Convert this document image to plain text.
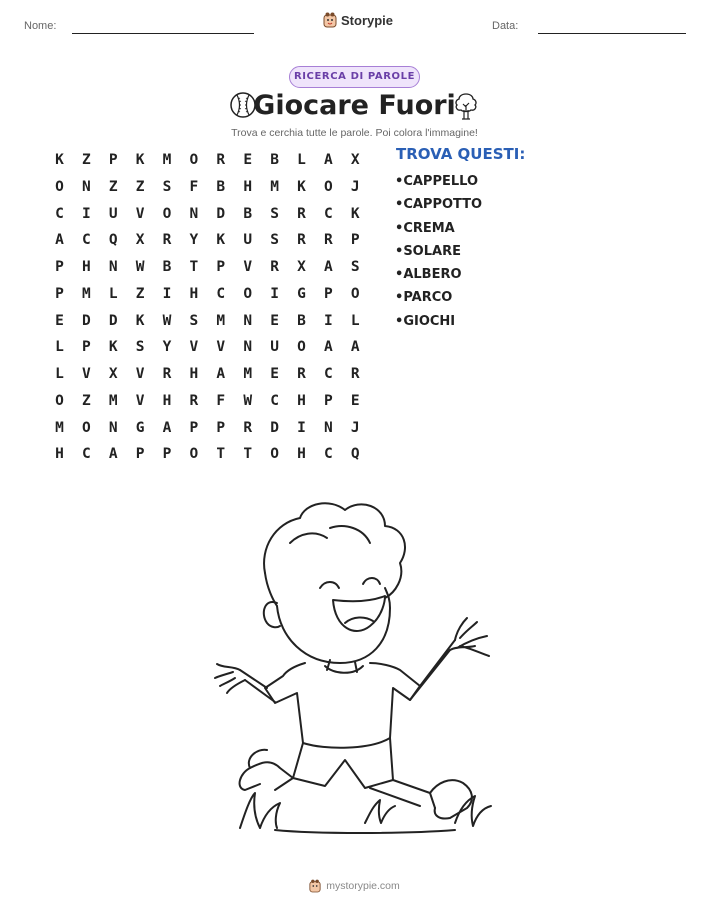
Nome:	Storypie	Data:
RICERCA DI PAROLE
Giocare Fuori
Trova e cerchia tutte le parole. Poi colora l'immagine!
K	Z	P	K	M	O	R	E	B	L	A	X
O	N	Z	Z	S	F	B	H	M	K	O	J
C	I	U	V	O	N	D	B	S	R	C	K
A	C	Q	X	R	Y	K	U	S	R	R	P
P	H	N	W	B	T	P	V	R	X	A	S
P	M	L	Z	I	H	C	O	I	G	P	O
E	D	D	K	W	S	M	N	E	B	I	L
L	P	K	S	Y	V	V	N	U	O	A	A
L	V	X	V	R	H	A	M	E	R	C	R
O	Z	M	V	H	R	F	W	C	H	P	E
M	O	N	G	A	P	P	R	D	I	N	J
H	C	A	P	P	O	T	T	O	H	C	Q
TROVA QUESTI:
• CAPPELLO
• CAPPOTTO
• CREMA
• SOLARE
• ALBERO
• PARCO
• GIOCHI
mystorypie.com
